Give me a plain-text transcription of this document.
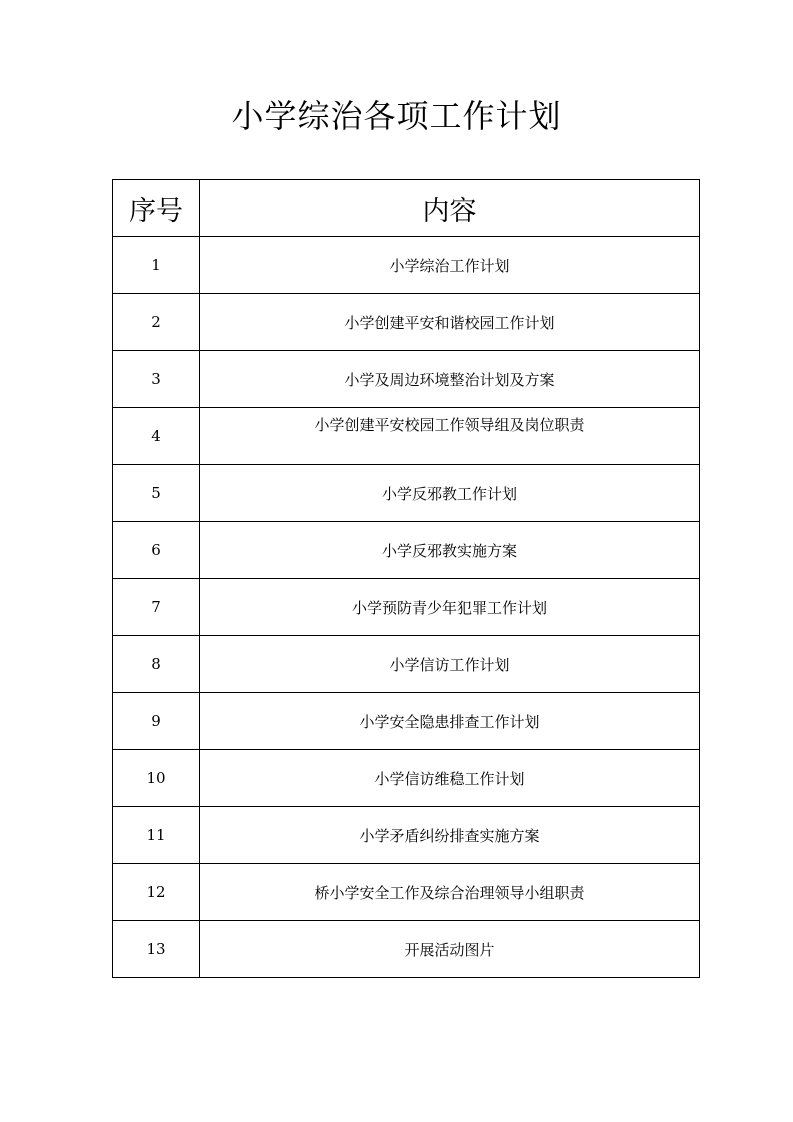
小学综治各项工作计划
序号	内容
1	小学综治工作计划
2	小学创建平安和谐校园工作计划
3	小学及周边环境整治计划及方案
4	小学创建平安校园工作领导组及岗位职责

5	小学反邪教工作计划
6	小学反邪教实施方案
7	小学预防青少年犯罪工作计划
8	小学信访工作计划
9	小学安全隐患排查工作计划
10	小学信访维稳工作计划
11	小学矛盾纠纷排查实施方案
12	桥小学安全工作及综合治理领导小组职责
13	开展活动图片
